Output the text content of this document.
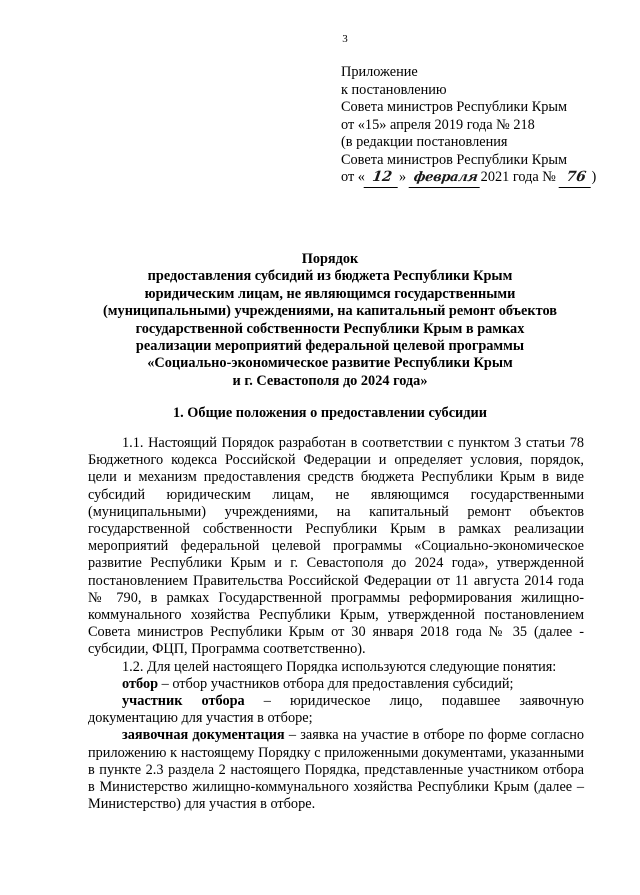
3
Приложение
к постановлению
Совета министров Республики Крым
от «15» апреля 2019 года № 218
(в редакции постановления
Совета министров Республики Крым
от « 12 » февраля 2021 года № 76 )
Порядок
предоставления субсидий из бюджета Республики Крым
юридическим лицам, не являющимся государственными
(муниципальными) учреждениями, на капитальный ремонт объектов
государственной собственности Республики Крым в рамках
реализации мероприятий федеральной целевой программы
«Социально-экономическое развитие Республики Крым
и г. Севастополя до 2024 года»
1. Общие положения о предоставлении субсидии

1.1. Настоящий Порядок разработан в соответствии с пунктом 3 статьи 78 Бюджетного кодекса Российской Федерации и определяет условия, порядок, цели и механизм предоставления средств бюджета Республики Крым в виде субсидий юридическим лицам, не являющимся государственными (муниципальными) учреждениями, на капитальный ремонт объектов государственной собственности Республики Крым в рамках реализации мероприятий федеральной целевой программы «Социально-экономическое развитие Республики Крым и г. Севастополя до 2024 года», утвержденной постановлением Правительства Российской Федерации от 11 августа 2014 года № 790, в рамках Государственной программы реформирования жилищно-коммунального хозяйства Республики Крым, утвержденной постановлением Совета министров Республики Крым от 30 января 2018 года № 35 (далее - субсидии, ФЦП, Программа соответственно).

1.2. Для целей настоящего Порядка используются следующие понятия:

отбор – отбор участников отбора для предоставления субсидий;

участник отбора – юридическое лицо, подавшее заявочную документацию для участия в отборе;

заявочная документация – заявка на участие в отборе по форме согласно приложению к настоящему Порядку с приложенными документами, указанными в пункте 2.3 раздела 2 настоящего Порядка, представленные участником отбора в Министерство жилищно-коммунального хозяйства Республики Крым (далее – Министерство) для участия в отборе.
